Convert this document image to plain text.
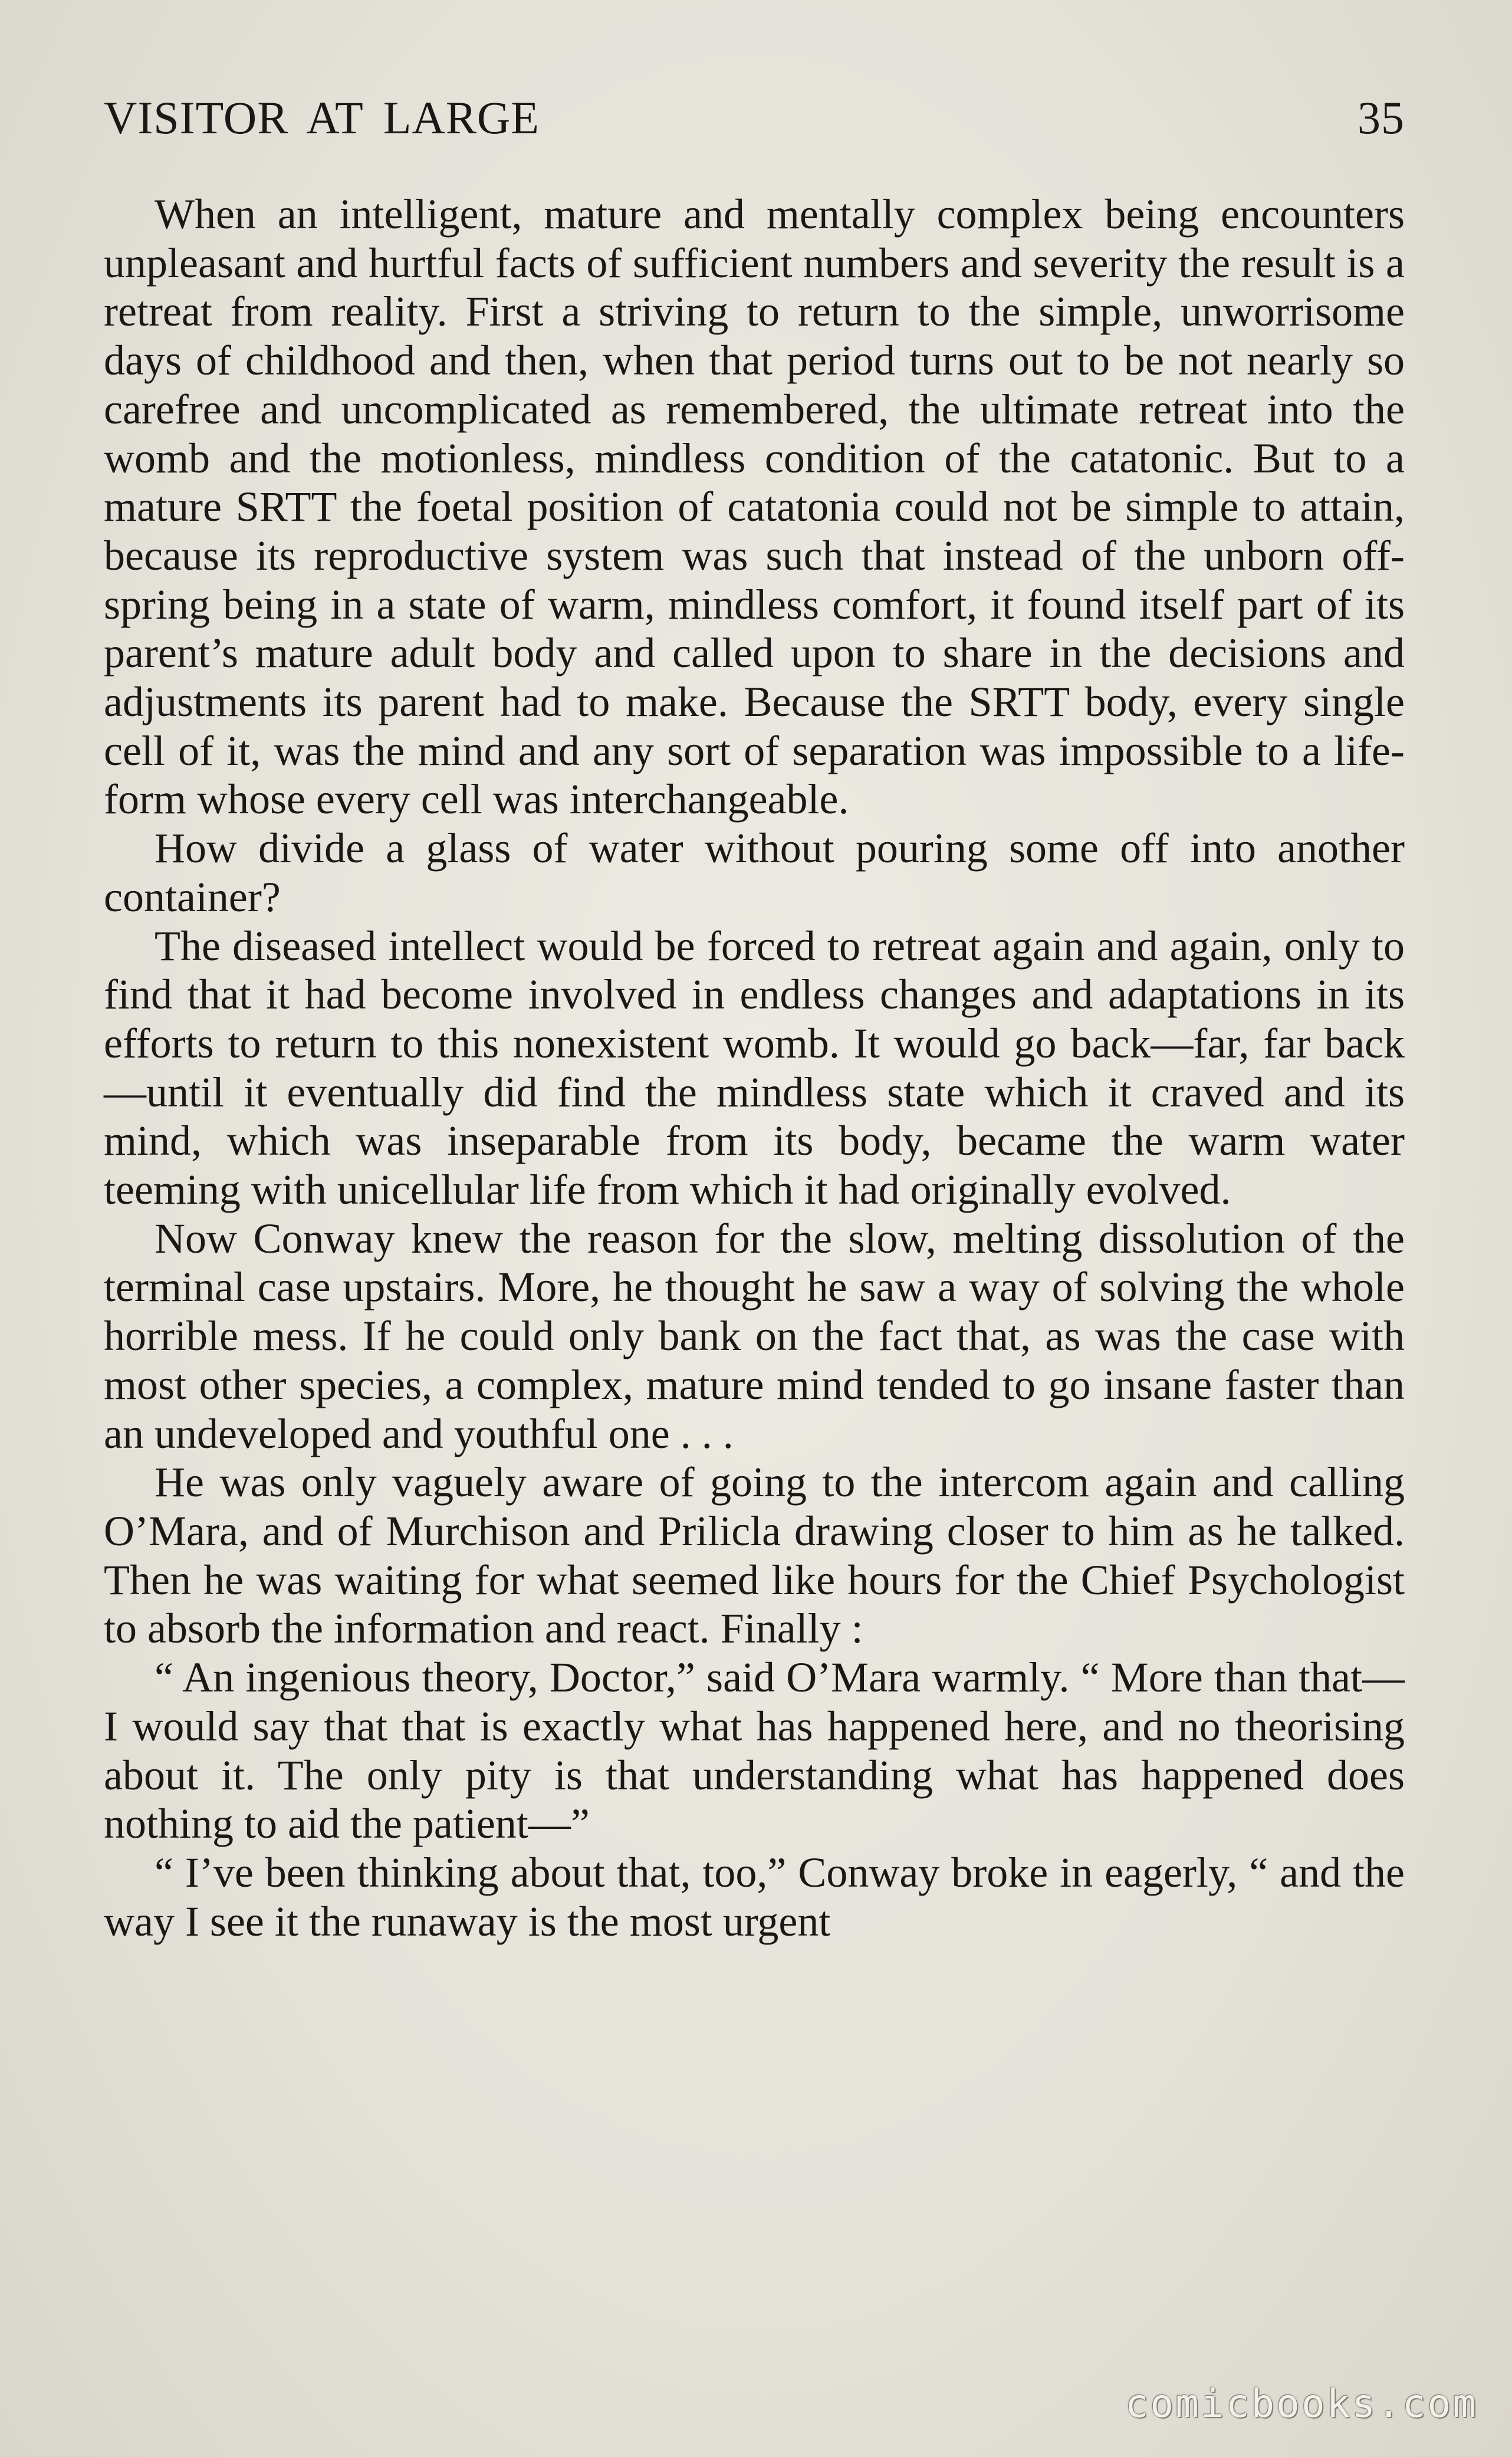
VISITOR AT LARGE	35

When an intelligent, mature and mentally complex being encounters unpleasant and hurtful facts of sufficient numbers and severity the result is a retreat from reality. First a striving to return to the simple, unworrisome days of childhood and then, when that period turns out to be not nearly so carefree and uncomplicated as remembered, the ultimate retreat into the womb and the motionless, mindless condition of the catatonic. But to a mature SRTT the foetal position of catatonia could not be simple to attain, because its reproductive system was such that instead of the unborn off-spring being in a state of warm, mindless comfort, it found itself part of its parent’s mature adult body and called upon to share in the decisions and adjustments its parent had to make. Because the SRTT body, every single cell of it, was the mind and any sort of separation was impossible to a life-form whose every cell was interchangeable.

How divide a glass of water without pouring some off into another container?

The diseased intellect would be forced to retreat again and again, only to find that it had become involved in endless changes and adaptations in its efforts to return to this nonexistent womb. It would go back—far, far back—until it eventually did find the mindless state which it craved and its mind, which was inseparable from its body, became the warm water teeming with unicellular life from which it had originally evolved.

Now Conway knew the reason for the slow, melting dissolution of the terminal case upstairs. More, he thought he saw a way of solving the whole horrible mess. If he could only bank on the fact that, as was the case with most other species, a complex, mature mind tended to go insane faster than an undeveloped and youthful one . . .

He was only vaguely aware of going to the intercom again and calling O’Mara, and of Murchison and Prilicla drawing closer to him as he talked. Then he was waiting for what seemed like hours for the Chief Psychologist to absorb the information and react. Finally :

“ An ingenious theory, Doctor,” said O’Mara warmly. “ More than that—I would say that that is exactly what has happened here, and no theorising about it. The only pity is that understanding what has happened does nothing to aid the patient—”

“ I’ve been thinking about that, too,” Conway broke in eagerly, “ and the way I see it the runaway is the most urgent

comicbooks.com
